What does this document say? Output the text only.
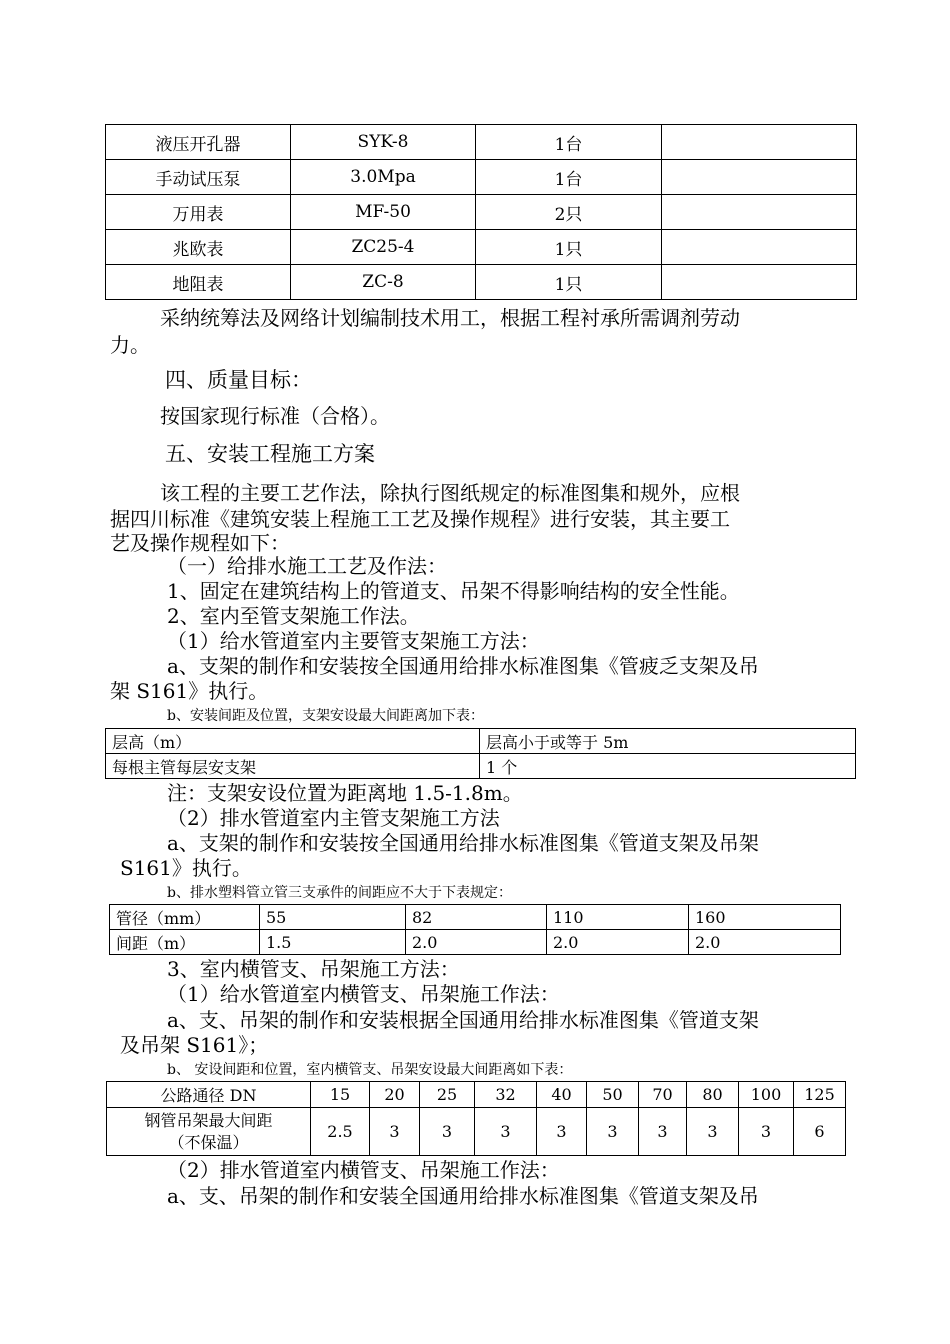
液压开孔器	SYK-8	1台	
手动试压泵	3.0Mpa	1台	
万用表	MF-50	2只	
兆欧表	ZC25-4	1只	
地阻表	ZC-8	1只	
采纳统筹法及网络计划编制技术用工，根据工程衬承所需调剂劳动
力。
四、质量目标：
按国家现行标准（合格）。
五、安装工程施工方案
该工程的主要工艺作法，除执行图纸规定的标准图集和规外，应根
据四川标准《建筑安装上程施工工艺及操作规程》进行安装，其主要工
艺及操作规程如下：
（一）给排水施工工艺及作法：
1、固定在建筑结构上的管道支、吊架不得影响结构的安全性能。
2、室内至管支架施工作法。
（1）给水管道室内主要管支架施工方法：
a、支架的制作和安装按全国通用给排水标准图集《管疲乏支架及吊
架 S161》执行。
b、安装间距及位置，支架安设最大间距离加下表：
层高（m）	层高小于或等于 5m
每根主管每层安支架	1 个
注：支架安设位置为距离地 1.5-1.8m。
（2）排水管道室内主管支架施工方法
a、支架的制作和安装按全国通用给排水标准图集《管道支架及吊架
S161》执行。
b、排水塑料管立管三支承件的间距应不大于下表规定：
管径（mm）	55	82	110	160
间距（m）	1.5	2.0	2.0	2.0
3、室内横管支、吊架施工方法：
（1）给水管道室内横管支、吊架施工作法：
a、支、吊架的制作和安装根据全国通用给排水标准图集《管道支架
及吊架 S161》；
b、 安设间距和位置，室内横管支、吊架安设最大间距离如下表：
公路通径 DN	15	20	25	32	40	50	70	80	100	125

钢管吊架最大间距
（不保温）	2.5	3	3	3	3	3	3	3	3	6
（2）排水管道室内横管支、吊架施工作法：
a、支、吊架的制作和安装全国通用给排水标准图集《管道支架及吊
